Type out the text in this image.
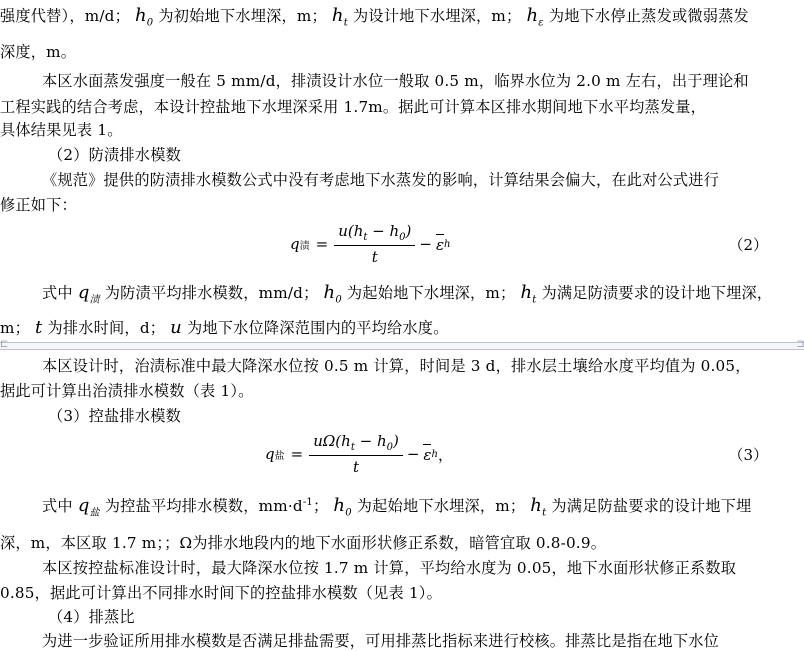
强度代替），m/d； $h_0$ 为初始地下水埋深，m； $h_t$ 为设计地下水埋深，m； $h_\varepsilon$ 为地下水停止蒸发或微弱蒸发
深度，m。
本区水面蒸发强度一般在 5 mm/d，排渍设计水位一般取 0.5 m，临界水位为 2.0 m 左右，出于理论和
工程实践的结合考虑，本设计控盐地下水埋深采用 1.7m。据此可计算本区排水期间地下水平均蒸发量，
具体结果见表 1。
（2）防渍排水模数
《规范》提供的防渍排水模数公式中没有考虑地下水蒸发的影响，计算结果会偏大，在此对公式进行
修正如下：
q 渍 = $\frac{u(h_t - h_0)}{t} - \varepsilon$ h	（2）
式中 $q_渍$ 为防渍平均排水模数，mm/d； $h_0$ 为起始地下水埋深，m； $h_t$ 为满足防渍要求的设计地下埋深，
m； t 为排水时间，d； u 为地下水位降深范围内的平均给水度。
⊏	⊐
本区设计时，治渍标准中最大降深水位按 0.5 m 计算，时间是 3 d，排水层土壤给水度平均值为 0.05，
据此可计算出治渍排水模数（表 1）。
（3）控盐排水模数
q 盐 = $\frac{u\Omega(h_t - h_0)}{t} - \varepsilon$ h ，	（3）
式中 $q_盐$ 为控盐平均排水模数，$mm\cdot d^{-1}$； $h_0$ 为起始地下水埋深，m； $h_t$ 为满足防盐要求的设计地下埋
深，m，本区取 1.7 m；；Ω为排水地段内的地下水面形状修正系数，暗管宜取 0.8-0.9。
本区按控盐标准设计时，最大降深水位按 1.7 m 计算，平均给水度为 0.05，地下水面形状修正系数取
0.85，据此可计算出不同排水时间下的控盐排水模数（见表 1）。
（4）排蒸比
为进一步验证所用排水模数是否满足排盐需要，可用排蒸比指标来进行校核。排蒸比是指在地下水位
